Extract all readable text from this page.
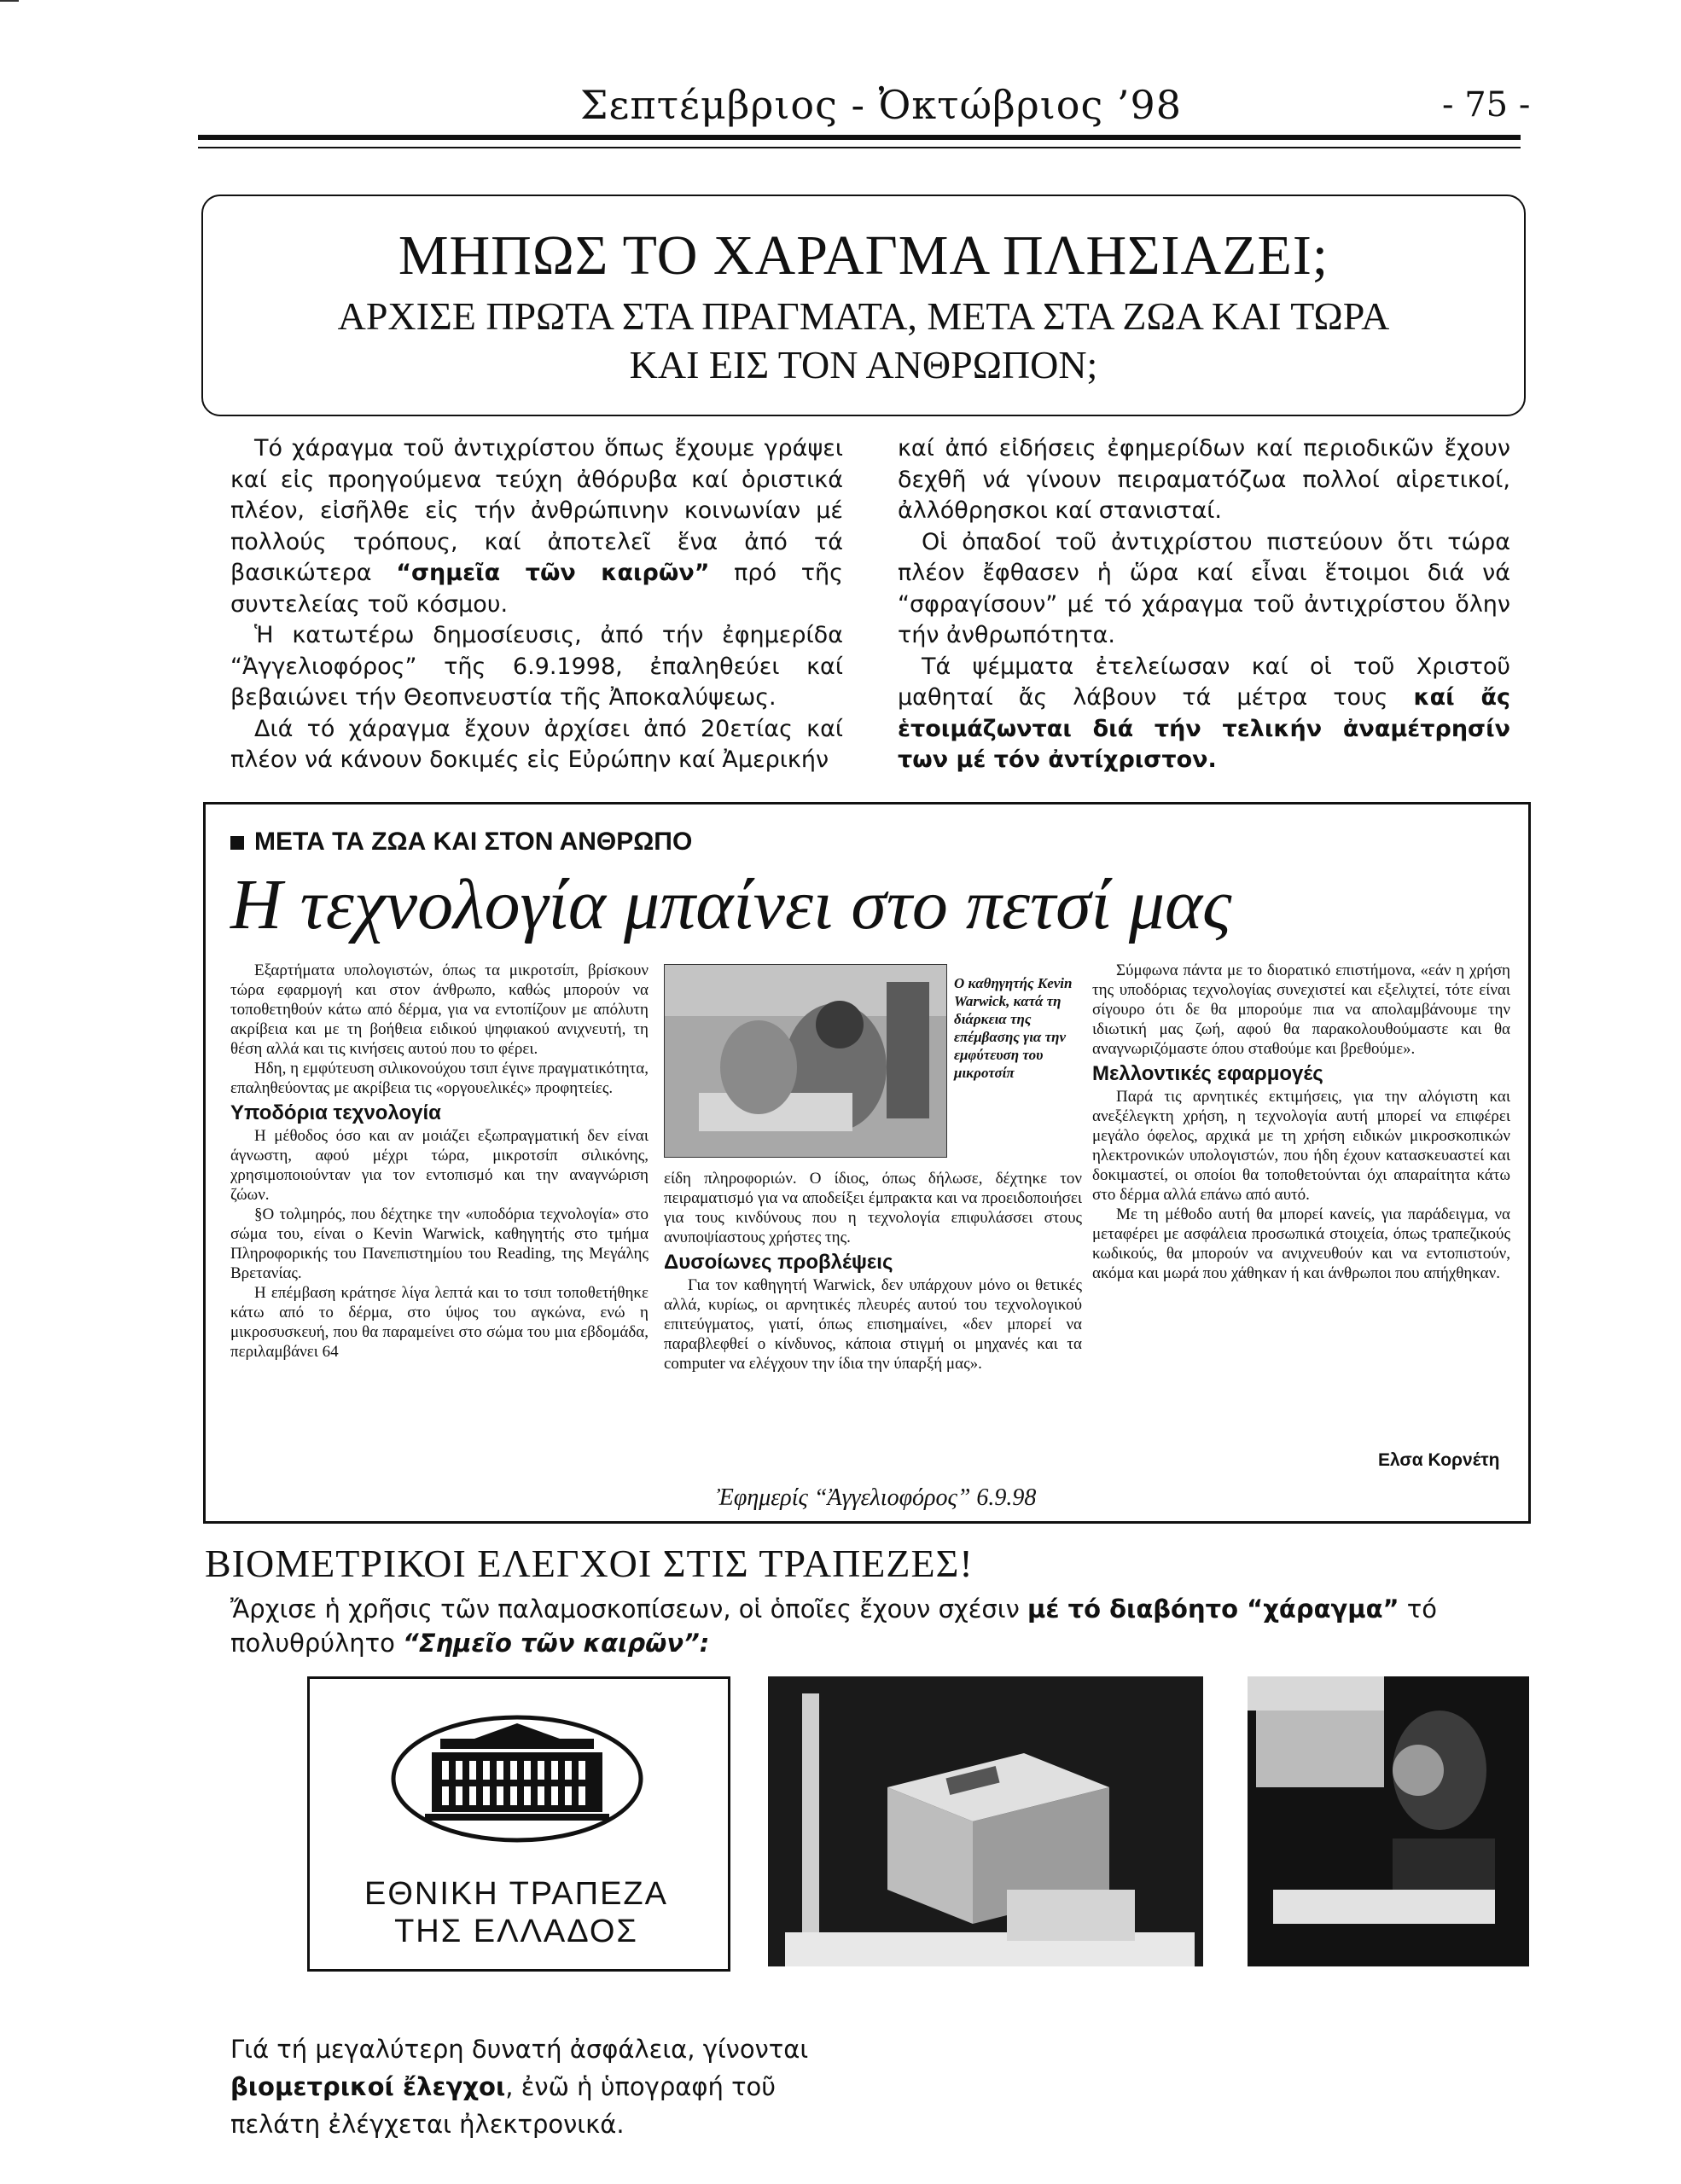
Σεπτέμβριος - Ὀκτώβριος ’98	- 75 -
ΜΗΠΩΣ ΤΟ ΧΑΡΑΓΜΑ ΠΛΗΣΙΑΖΕΙ;
ΑΡΧΙΣΕ ΠΡΩΤΑ ΣΤΑ ΠΡΑΓΜΑΤΑ, ΜΕΤΑ ΣΤΑ ΖΩΑ ΚΑΙ ΤΩΡΑ
ΚΑΙ ΕΙΣ ΤΟΝ ΑΝΘΡΩΠΟΝ;

Τό χάραγμα τοῦ ἀντιχρίστου ὅπως ἔχουμε γράψει καί εἰς προηγούμενα τεύχη ἀθόρυβα καί ὁριστικά πλέον, εἰσῆλθε εἰς τήν ἀνθρώπινην κοινωνίαν μέ πολλούς τρόπους, καί ἀποτελεῖ ἕνα ἀπό τά βασικώτερα “σημεῖα τῶν καιρῶν” πρό τῆς συντελείας τοῦ κόσμου.

Ἡ κατωτέρω δημοσίευσις, ἀπό τήν ἐφημερίδα “Ἀγγελιοφόρος” τῆς 6.9.1998, ἐπαληθεύει καί βεβαιώνει τήν Θεοπνευστία τῆς Ἀποκαλύψεως.

Διά τό χάραγμα ἔχουν ἀρχίσει ἀπό 20ετίας καί πλέον νά κάνουν δοκιμές εἰς Εὐρώπην καί Ἀμερικήν

καί ἀπό εἰδήσεις ἐφημερίδων καί περιοδικῶν ἔχουν δεχθῆ νά γίνουν πειραματόζωα πολλοί αἱρετικοί, ἀλλόθρησκοι καί στανισταί.

Οἱ ὀπαδοί τοῦ ἀντιχρίστου πιστεύουν ὅτι τώρα πλέον ἔφθασεν ἡ ὥρα καί εἶναι ἕτοιμοι διά νά “σφραγίσουν” μέ τό χάραγμα τοῦ ἀντιχρίστου ὅλην τήν ἀνθρωπότητα.

Τά ψέμματα ἐτελείωσαν καί οἱ τοῦ Χριστοῦ μαθηταί ἄς λάβουν τά μέτρα τους καί ἄς ἑτοιμάζωνται διά τήν τελικήν ἀναμέτρησίν των μέ τόν ἀντίχριστον.

ΜΕΤΑ ΤΑ ΖΩΑ ΚΑΙ ΣΤΟΝ ΑΝΘΡΩΠΟ
Η τεχνολογία μπαίνει στο πετσί μας

Εξαρτήματα υπολογιστών, όπως τα μικροτσίπ, βρίσκουν τώρα εφαρμογή και στον άνθρωπο, καθώς μπορούν να τοποθετηθούν κάτω από δέρμα, για να εντοπίζουν με απόλυτη ακρίβεια και με τη βοήθεια ειδικού ψηφιακού ανιχνευτή, τη θέση αλλά και τις κινήσεις αυτού που το φέρει.

Ηδη, η εμφύτευση σιλικονούχου τσιπ έγινε πραγματικότητα, επαληθεύοντας με ακρίβεια τις «οργουελικές» προφητείες.

Υποδόρια τεχνολογία

Η μέθοδος όσο και αν μοιάζει εξωπραγματική δεν είναι άγνωστη, αφού μέχρι τώρα, μικροτσίπ σιλικόνης, χρησιμοποιούνταν για τον εντοπισμό και την αναγνώριση ζώων.

§Ο τολμηρός, που δέχτηκε την «υποδόρια τεχνολογία» στο σώμα του, είναι ο Kevin Warwick, καθηγητής στο τμήμα Πληροφορικής του Πανεπιστημίου του Reading, της Μεγάλης Βρετανίας.

Η επέμβαση κράτησε λίγα λεπτά και το τσιπ τοποθετήθηκε κάτω από το δέρμα, στο ύψος του αγκώνα, ενώ η μικροσυσκευή, που θα παραμείνει στο σώμα του μια εβδομάδα, περιλαμβάνει 64

Ο καθηγητής Kevin Warwick, κατά τη διάρκεια της επέμβασης για την εμφύτευση του μικροτσίπ

είδη πληροφοριών. Ο ίδιος, όπως δήλωσε, δέχτηκε τον πειραματισμό για να αποδείξει έμπρακτα και να προειδοποιήσει για τους κινδύνους που η τεχνολογία επιφυλάσσει στους ανυποψίαστους χρήστες της.

Δυσοίωνες προβλέψεις

Για τον καθηγητή Warwick, δεν υπάρχουν μόνο οι θετικές αλλά, κυρίως, οι αρνητικές πλευρές αυτού του τεχνολογικού επιτεύγματος, γιατί, όπως επισημαίνει, «δεν μπορεί να παραβλεφθεί ο κίνδυνος, κάποια στιγμή οι μηχανές και τα computer να ελέγχουν την ίδια την ύπαρξή μας».

Σύμφωνα πάντα με το διορατικό επιστήμονα, «εάν η χρήση της υποδόριας τεχνολογίας συνεχιστεί και εξελιχτεί, τότε είναι σίγουρο ότι δε θα μπορούμε πια να απολαμβάνουμε την ιδιωτική μας ζωή, αφού θα παρακολουθούμαστε και θα αναγνωριζόμαστε όπου σταθούμε και βρεθούμε».

Μελλοντικές εφαρμογές

Παρά τις αρνητικές εκτιμήσεις, για την αλόγιστη και ανεξέλεγκτη χρήση, η τεχνολογία αυτή μπορεί να επιφέρει μεγάλο όφελος, αρχικά με τη χρήση ειδικών μικροσκοπικών ηλεκτρονικών υπολογιστών, που ήδη έχουν κατασκευαστεί και δοκιμαστεί, οι οποίοι θα τοποθετούνται όχι απαραίτητα κάτω στο δέρμα αλλά επάνω από αυτό.

Με τη μέθοδο αυτή θα μπορεί κανείς, για παράδειγμα, να μεταφέρει με ασφάλεια προσωπικά στοιχεία, όπως τραπεζικούς κωδικούς, θα μπορούν να ανιχνευθούν και να εντοπιστούν, ακόμα και μωρά που χάθηκαν ή και άνθρωποι που απήχθηκαν.

Ελσα Κορνέτη
Ἐφημερίς “Ἀγγελιοφόρος” 6.9.98
ΒΙΟΜΕΤΡΙΚΟΙ ΕΛΕΓΧΟΙ ΣΤΙΣ ΤΡΑΠΕΖΕΣ!
Ἄρχισε ἡ χρῆσις τῶν παλαμοσκοπίσεων, οἱ ὁποῖες ἔχουν σχέσιν μέ τό διαβόητο “χάραγμα” τό πολυθρύλητο “Σημεῖο τῶν καιρῶν”:
ΕΘΝΙΚΗ ΤΡΑΠΕΖΑ
ΤΗΣ ΕΛΛΑΔΟΣ
Γιά τή μεγαλύτερη δυνατή ἀσφάλεια, γίνονται βιομετρικοί ἔλεγχοι, ἐνῶ ἡ ὑπογραφή τοῦ πελάτη ἐλέγχεται ἠλεκτρονικά.
